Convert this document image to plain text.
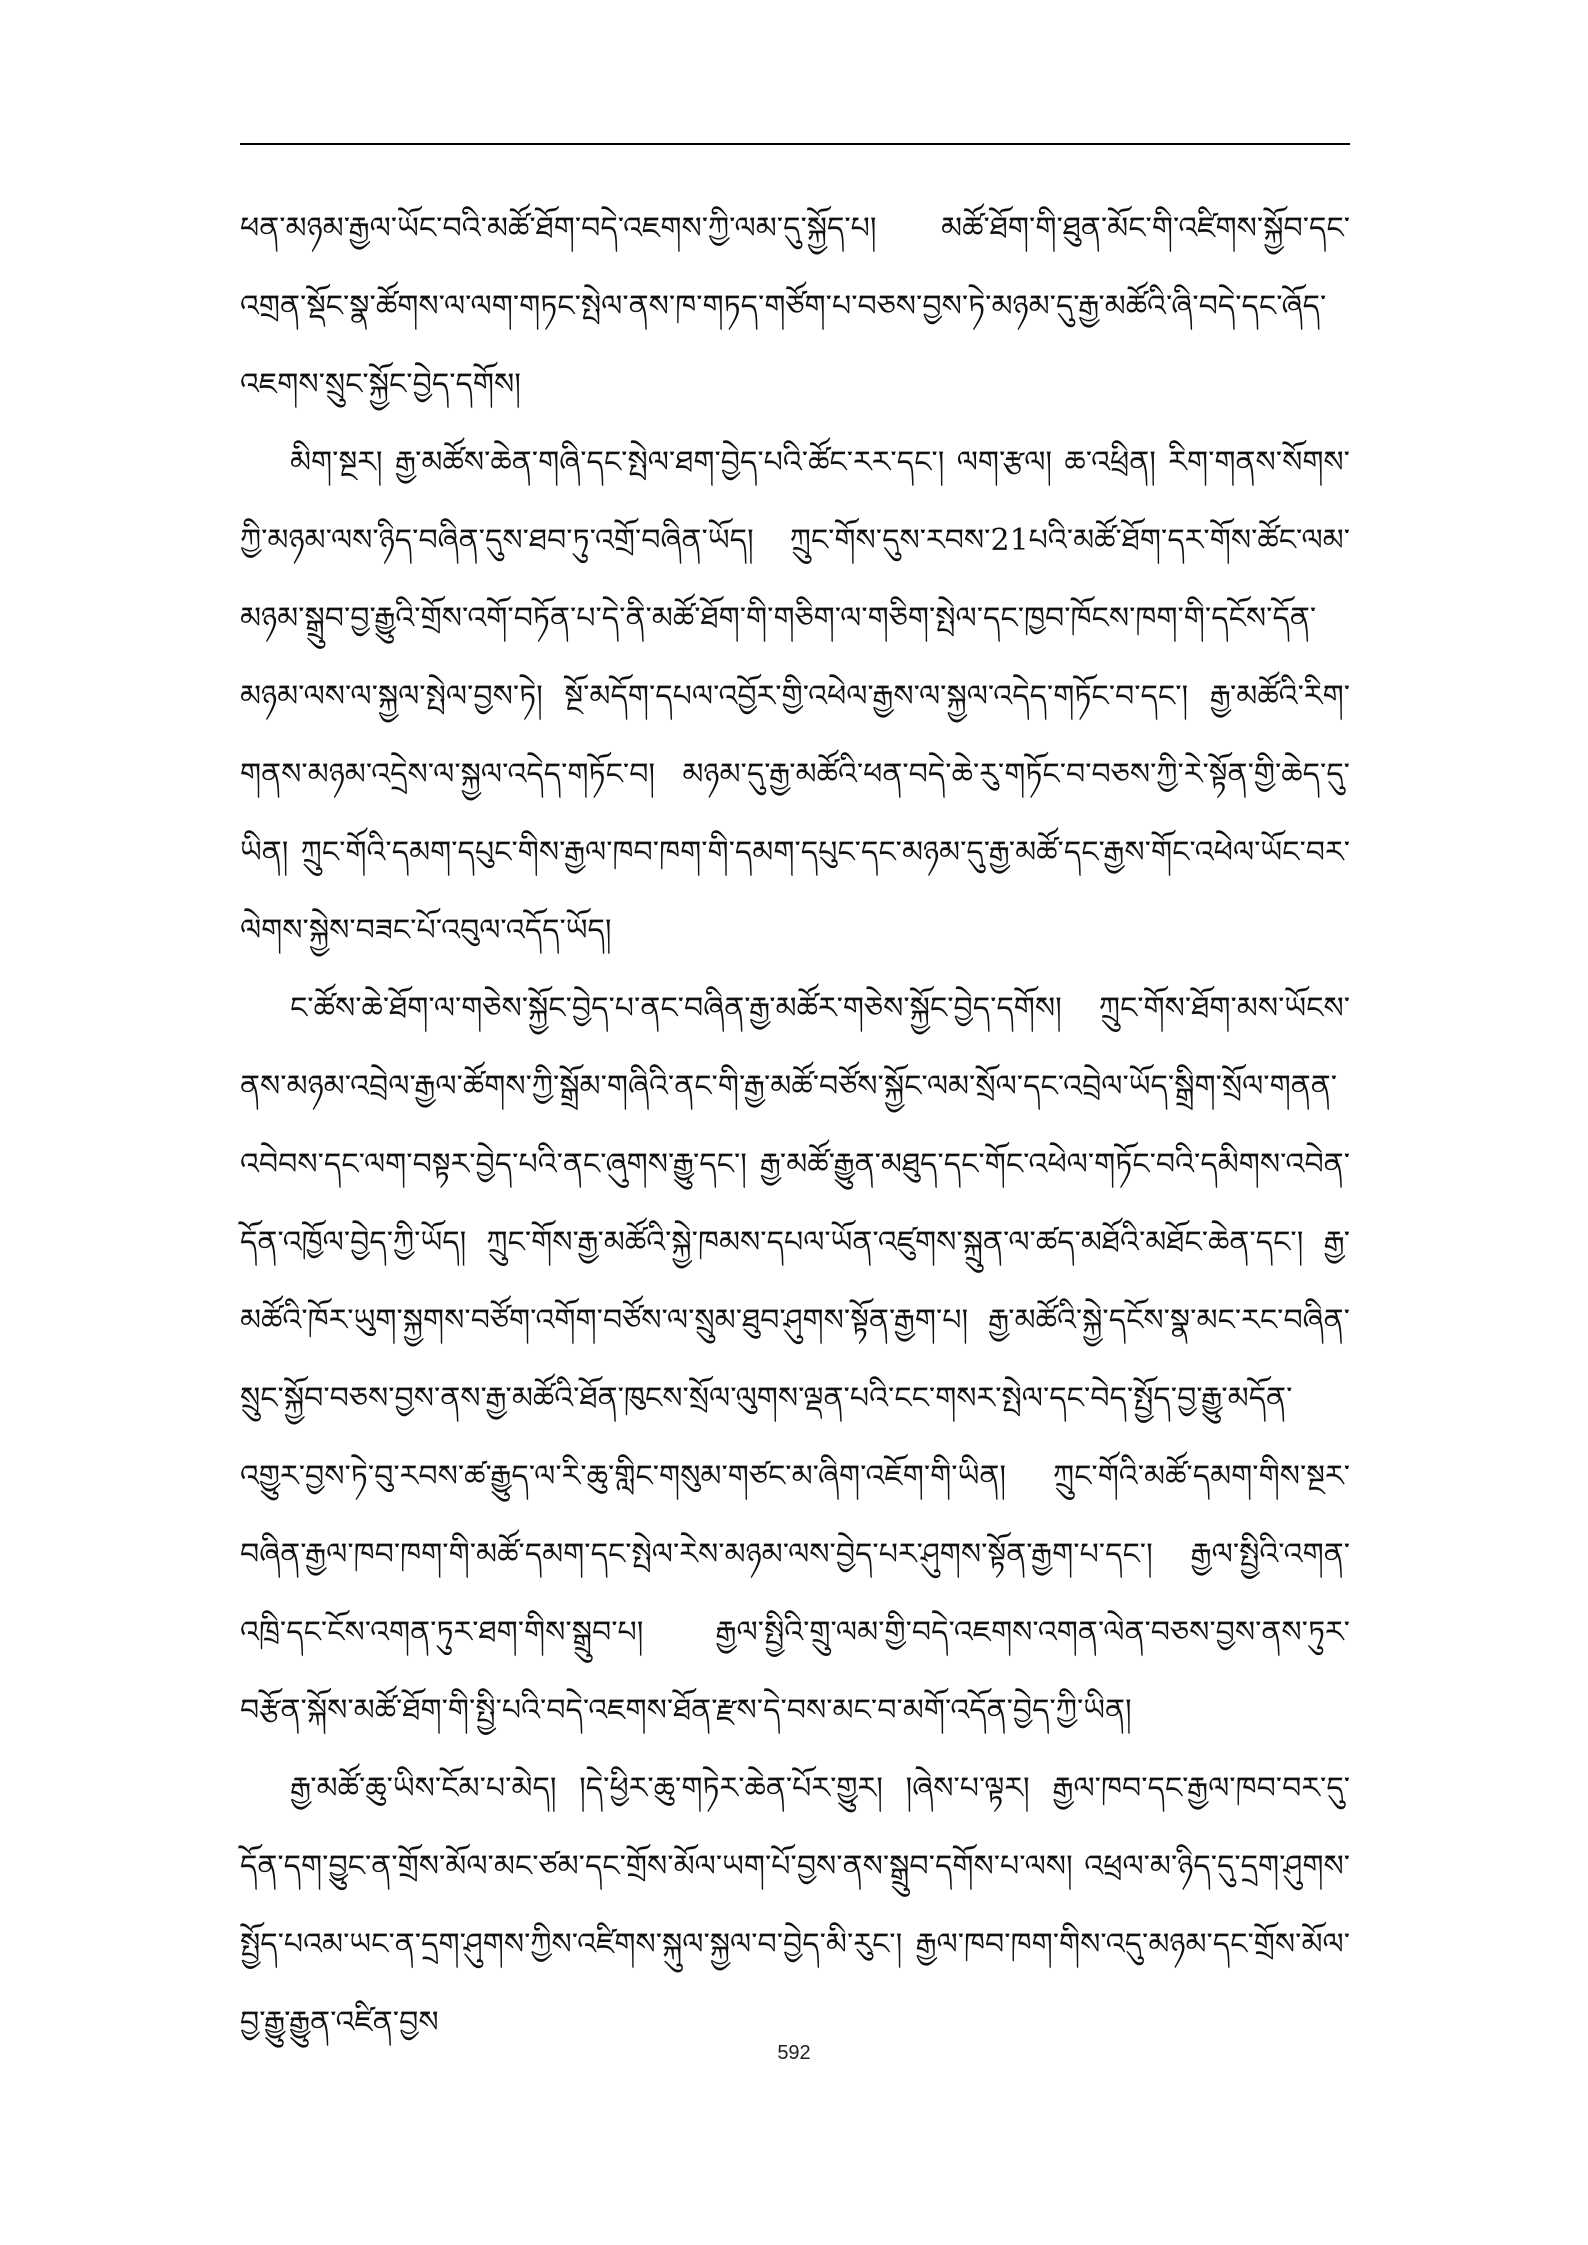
ཕན་མཉམ་རྒྱལ་ཡོང་བའི་མཚོ་ཐོག་བདེ་འཇགས་ཀྱི་ལམ་དུ་སྐྱོད་པ། མཚོ་ཐོག་གི་ཐུན་མོང་གི་འཛིགས་སྐྱོབ་དང་འགྲན་སྡོང་སྣ་ཚོགས་ལ་ལག་གཏང་སྤེལ་ནས་ཁ་གཏད་གཙོག་པ་བཅས་བྱས་ཏེ་མཉམ་དུ་རྒྱ་མཚོའི་ཞི་བདེ་དང་ཞོད་འཇགས་སྲུང་སྐྱོང་བྱེད་དགོས།

མིག་སྔར། རྒྱ་མཚོས་ཆེན་གཞི་དང་སྤེལ་ཐག་བྱེད་པའི་ཚོང་རར་དང་། ལག་རྩལ། ཆ་འཕྲིན། རིག་གནས་སོགས་ཀྱི་མཉམ་ལས་ཉིད་བཞིན་དུས་ཐབ་ཏུ་འགྲོ་བཞིན་ཡོད། ཀྲུང་གོས་དུས་རབས་21པའི་མཚོ་ཐོག་དར་གོས་ཚོང་ལམ་མཉམ་སྒྲུབ་བྱ་རྒྱུའི་གྲོས་འགོ་བཏོན་པ་དེ་ནི་མཚོ་ཐོག་གི་གཅིག་ལ་གཅིག་སྤེལ་དང་ཁྱབ་ཁོངས་ཁག་གི་དངོས་དོན་མཉམ་ལས་ལ་སྐྱལ་སྤེལ་བྱས་ཏེ། སྔོ་མདོག་དཔལ་འབྱོར་གྱི་འཕེལ་རྒྱས་ལ་སྐྱལ་འདེད་གཏོང་བ་དང་། རྒྱ་མཚོའི་རིག་གནས་མཉམ་འདྲེས་ལ་སྐྱལ་འདེད་གཏོང་བ། མཉམ་དུ་རྒྱ་མཚོའི་ཕན་བདེ་ཆེ་རུ་གཏོང་བ་བཅས་ཀྱི་རེ་སྟོན་གྱི་ཆེད་དུ་ཡིན། ཀྲུང་གོའི་དམག་དཔུང་གིས་རྒྱལ་ཁབ་ཁག་གི་དམག་དཔུང་དང་མཉམ་དུ་རྒྱ་མཚོ་དང་རྒྱས་གོང་འཕེལ་ཡོང་བར་ལེགས་སྐྱེས་བཟང་པོ་འབུལ་འདོད་ཡོད།

ང་ཚོས་ཆེ་ཐོག་ལ་གཅེས་སྐྱོང་བྱེད་པ་ནང་བཞིན་རྒྱ་མཚོར་གཅེས་སྐྱོང་བྱེད་དགོས། ཀྲུང་གོས་ཐོག་མས་ཡོངས་ནས་མཉམ་འབྲེལ་རྒྱལ་ཚོགས་ཀྱི་སྒྲོམ་གཞིའི་ནང་གི་རྒྱ་མཚོ་བཙོས་སྐྱོང་ལམ་སྲོལ་དང་འབྲེལ་ཡོད་སྒྲིག་སྲོལ་གནན་འབེབས་དང་ལག་བསྟར་བྱེད་པའི་ནང་ཞུགས་རྒྱུ་དང་། རྒྱ་མཚོ་རྒྱུན་མཐུད་དང་གོང་འཕེལ་གཏོང་བའི་དམིགས་འབེན་དོན་འཁྱོལ་བྱེད་ཀྱི་ཡོད། ཀྲུང་གོས་རྒྱ་མཚོའི་སྐྱེ་ཁམས་དཔལ་ཡོན་འཛུགས་སྐྲུན་ལ་ཚད་མཐོའི་མཐོང་ཆེན་དང་། རྒྱ་མཚོའི་ཁོར་ཡུག་སྐྱགས་བཙོག་འགོག་བཙོས་ལ་སྲུམ་ཐུབ་ཤུགས་སྟོན་རྒྱག་པ། རྒྱ་མཚོའི་སྐྱེ་དངོས་སྣ་མང་རང་བཞིན་སྲུང་སྐྱོབ་བཅས་བྱས་ནས་རྒྱ་མཚོའི་ཐོན་ཁུངས་སྲོལ་ལུགས་ལྡན་པའི་ངང་གསར་སྤེལ་དང་བེད་སྤྱོད་བྱ་རྒྱུ་མདོན་འགྱུར་བྱས་ཏེ་བུ་རབས་ཚ་རྒྱུད་ལ་རི་ཆུ་གླིང་གསུམ་གཙང་མ་ཞིག་འཇོག་གི་ཡིན། ཀྲུང་གོའི་མཚོ་དམག་གིས་སྔར་བཞིན་རྒྱལ་ཁབ་ཁག་གི་མཚོ་དམག་དང་སྤེལ་རེས་མཉམ་ལས་བྱེད་པར་ཤུགས་སྟོན་རྒྱག་པ་དང་། རྒྱལ་སྤྱིའི་འགན་འཁྲི་དང་ངོས་འགན་ཏུར་ཐག་གིས་སྒྲུབ་པ། རྒྱལ་སྤྱིའི་གྲུ་ལམ་གྱི་བདེ་འཇགས་འགན་ལེན་བཅས་བྱས་ནས་ཏུར་བརྩོན་སྐོས་མཚོ་ཐོག་གི་སྤྱི་པའི་བདེ་འཇགས་ཐོན་རྫས་དེ་བས་མང་བ་མགོ་འདོན་བྱེད་ཀྱི་ཡིན།

རྒྱ་མཚོ་ཆུ་ཡིས་ངོམ་པ་མེད། །དེ་ཕྱིར་ཆུ་གཏེར་ཆེན་པོར་གྱུར། །ཞེས་པ་ལྟར། རྒྱལ་ཁབ་དང་རྒྱལ་ཁབ་བར་དུ་དོན་དག་བྱུང་ན་གྲོས་མོལ་མང་ཙམ་དང་གྲོས་མོལ་ཡག་པོ་བྱས་ནས་སྒྲུབ་དགོས་པ་ལས། འཕྲལ་མ་ཉིད་དུ་དྲག་ཤུགས་སྤྱོད་པའམ་ཡང་ན་དྲག་ཤུགས་ཀྱིས་འཛིགས་སྐུལ་སྐྱལ་བ་བྱེད་མི་རུང་། རྒྱལ་ཁབ་ཁག་གིས་འདུ་མཉམ་དང་གྲོས་མོལ་བྱ་རྒྱུ་རྒྱུན་འཛིན་བྱས

592
